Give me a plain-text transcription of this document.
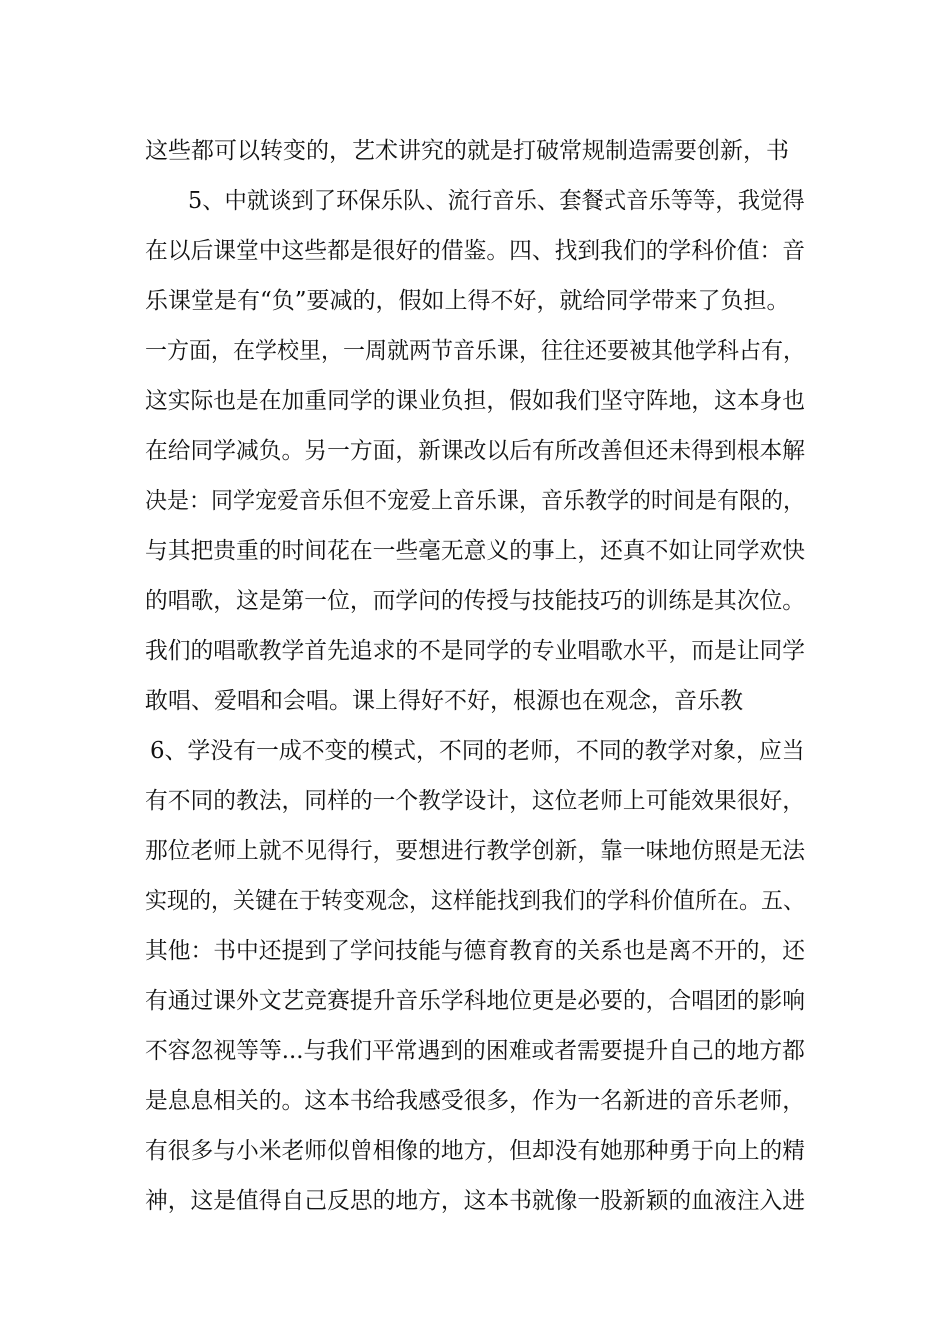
这些都可以转变的，艺术讲究的就是打破常规制造需要创新，书
5、中就谈到了环保乐队、流行音乐、套餐式音乐等等，我觉得
在以后课堂中这些都是很好的借鉴。四、找到我们的学科价值：音
乐课堂是有“负”要减的，假如上得不好，就给同学带来了负担。
一方面，在学校里，一周就两节音乐课，往往还要被其他学科占有，
这实际也是在加重同学的课业负担，假如我们坚守阵地，这本身也
在给同学减负。另一方面，新课改以后有所改善但还未得到根本解
决是：同学宠爱音乐但不宠爱上音乐课，音乐教学的时间是有限的，
与其把贵重的时间花在一些毫无意义的事上，还真不如让同学欢快
的唱歌，这是第一位，而学问的传授与技能技巧的训练是其次位。
我们的唱歌教学首先追求的不是同学的专业唱歌水平，而是让同学
敢唱、爱唱和会唱。课上得好不好，根源也在观念，音乐教
6、学没有一成不变的模式，不同的老师，不同的教学对象，应当
有不同的教法，同样的一个教学设计，这位老师上可能效果很好，
那位老师上就不见得行，要想进行教学创新，靠一味地仿照是无法
实现的，关键在于转变观念，这样能找到我们的学科价值所在。五、
其他：书中还提到了学问技能与德育教育的关系也是离不开的，还
有通过课外文艺竞赛提升音乐学科地位更是必要的，合唱团的影响
不容忽视等等...与我们平常遇到的困难或者需要提升自己的地方都
是息息相关的。这本书给我感受很多，作为一名新进的音乐老师，
有很多与小米老师似曾相像的地方，但却没有她那种勇于向上的精
神，这是值得自己反思的地方，这本书就像一股新颖的血液注入进
